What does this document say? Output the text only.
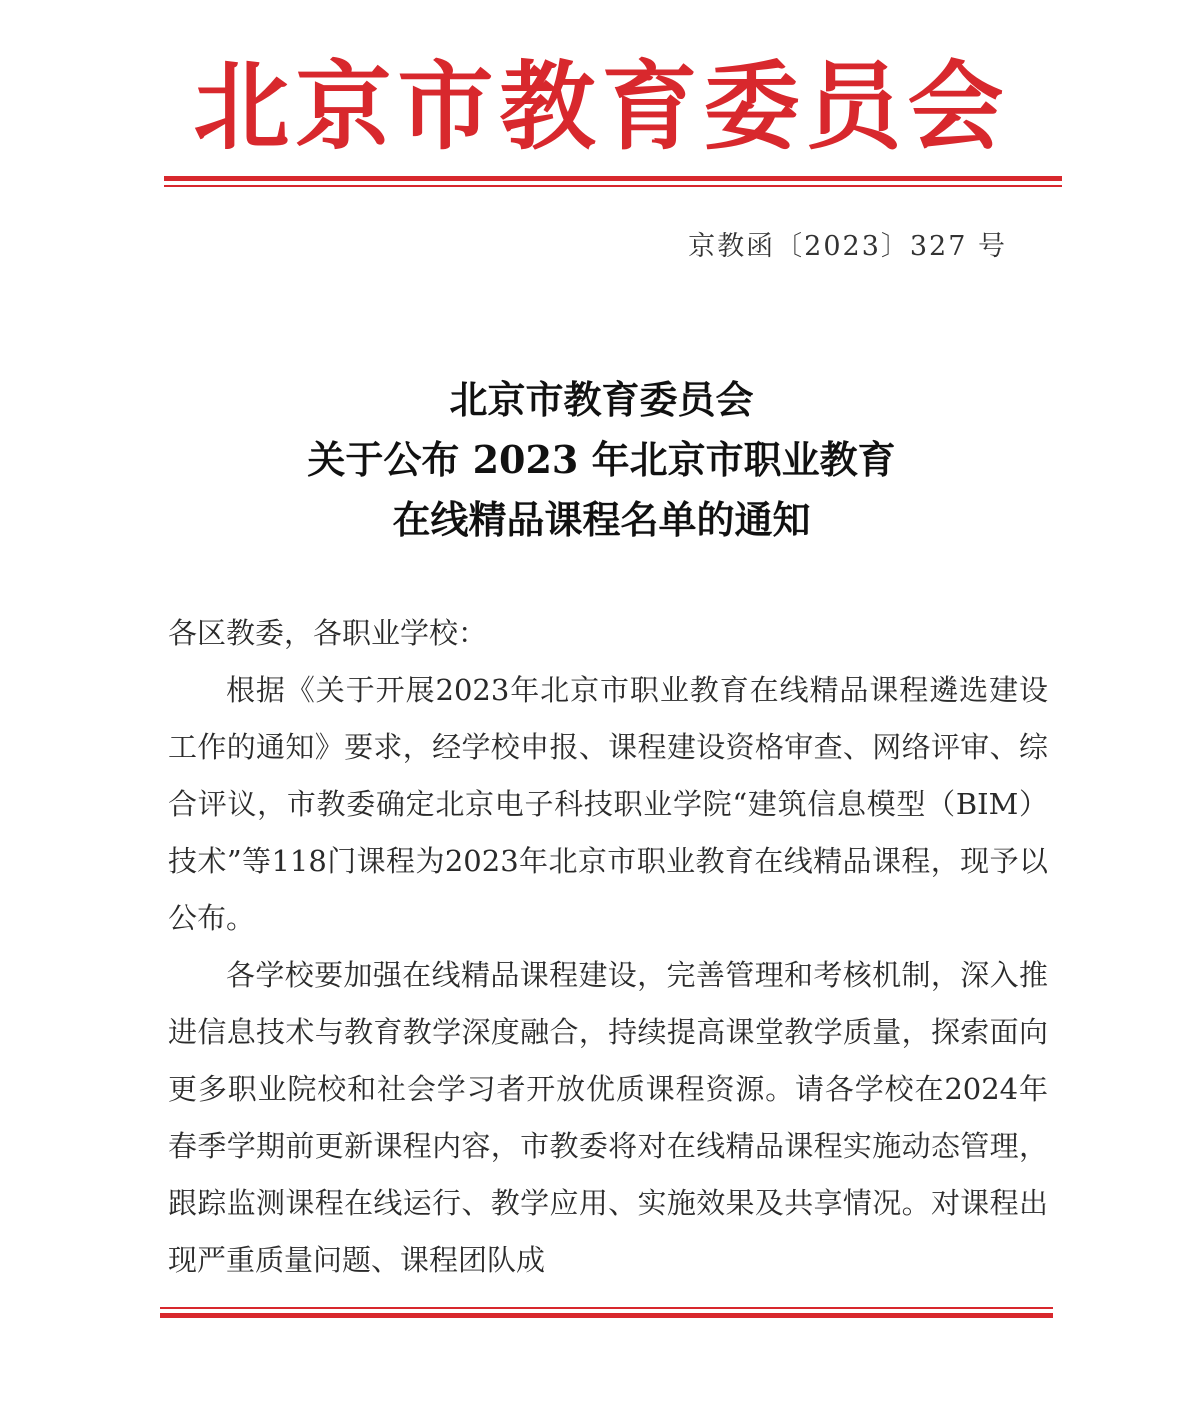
北京市教育委员会
京教函〔2023〕327 号
北京市教育委员会
关于公布 2023 年北京市职业教育
在线精品课程名单的通知

各区教委，各职业学校：

根据《关于开展2023年北京市职业教育在线精品课程遴选建设工作的通知》要求，经学校申报、课程建设资格审查、网络评审、综合评议，市教委确定北京电子科技职业学院“建筑信息模型（BIM）技术”等118门课程为2023年北京市职业教育在线精品课程，现予以公布。

各学校要加强在线精品课程建设，完善管理和考核机制，深入推进信息技术与教育教学深度融合，持续提高课堂教学质量，探索面向更多职业院校和社会学习者开放优质课程资源。请各学校在2024年春季学期前更新课程内容，市教委将对在线精品课程实施动态管理，跟踪监测课程在线运行、教学应用、实施效果及共享情况。对课程出现严重质量问题、课程团队成
